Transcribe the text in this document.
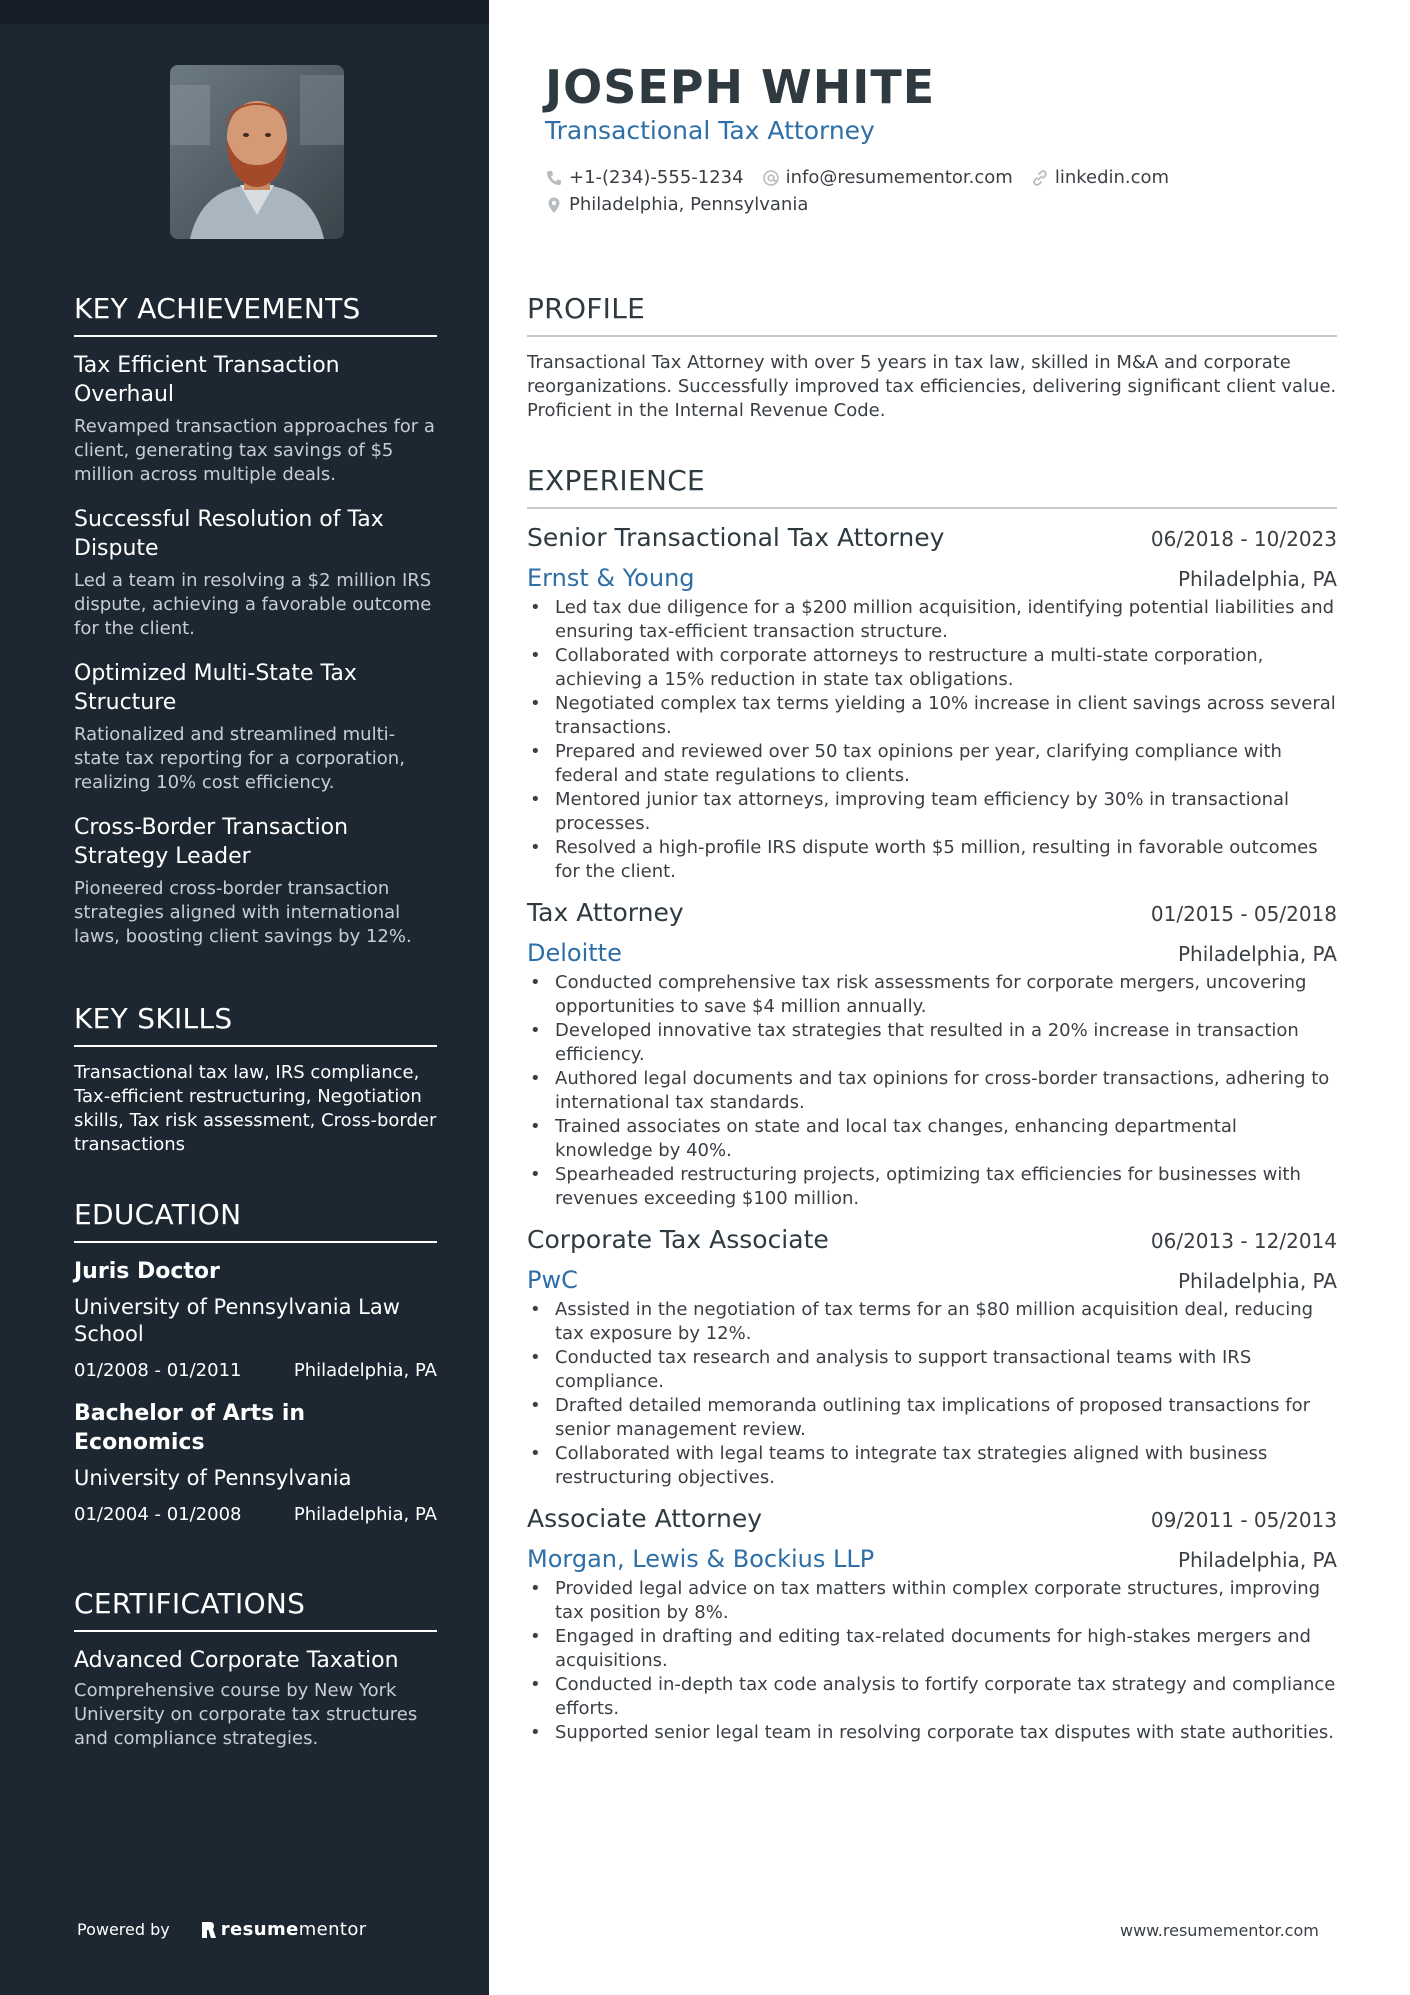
KEY ACHIEVEMENTS
Tax Efficient Transaction Overhaul
Revamped transaction approaches for a client, generating tax savings of $5 million across multiple deals.
Successful Resolution of Tax Dispute
Led a team in resolving a $2 million IRS dispute, achieving a favorable outcome for the client.
Optimized Multi-State Tax Structure
Rationalized and streamlined multi-state tax reporting for a corporation, realizing 10% cost efficiency.
Cross-Border Transaction Strategy Leader
Pioneered cross-border transaction strategies aligned with international laws, boosting client savings by 12%.
KEY SKILLS
Transactional tax law, IRS compliance, Tax-efficient restructuring, Negotiation skills, Tax risk assessment, Cross-border transactions
EDUCATION
Juris Doctor
University of Pennsylvania Law School
01/2008 - 01/2011	Philadelphia, PA
Bachelor of Arts in Economics
University of Pennsylvania
01/2004 - 01/2008	Philadelphia, PA
CERTIFICATIONS
Advanced Corporate Taxation
Comprehensive course by New York University on corporate tax structures and compliance strategies.
Powered by	resume mentor
JOSEPH WHITE
Transactional Tax Attorney
+1-(234)-555-1234 info@resumementor.com linkedin.com
Philadelphia, Pennsylvania
PROFILE
Transactional Tax Attorney with over 5 years in tax law, skilled in M&A and corporate reorganizations. Successfully improved tax efficiencies, delivering significant client value. Proficient in the Internal Revenue Code.
EXPERIENCE
Senior Transactional Tax Attorney	06/2018 - 10/2023
Ernst & Young	Philadelphia, PA
• Led tax due diligence for a $200 million acquisition, identifying potential liabilities and ensuring tax-efficient transaction structure.
• Collaborated with corporate attorneys to restructure a multi-state corporation, achieving a 15% reduction in state tax obligations.
• Negotiated complex tax terms yielding a 10% increase in client savings across several transactions.
• Prepared and reviewed over 50 tax opinions per year, clarifying compliance with federal and state regulations to clients.
• Mentored junior tax attorneys, improving team efficiency by 30% in transactional processes.
• Resolved a high-profile IRS dispute worth $5 million, resulting in favorable outcomes for the client.
Tax Attorney	01/2015 - 05/2018
Deloitte	Philadelphia, PA
• Conducted comprehensive tax risk assessments for corporate mergers, uncovering opportunities to save $4 million annually.
• Developed innovative tax strategies that resulted in a 20% increase in transaction efficiency.
• Authored legal documents and tax opinions for cross-border transactions, adhering to international tax standards.
• Trained associates on state and local tax changes, enhancing departmental knowledge by 40%.
• Spearheaded restructuring projects, optimizing tax efficiencies for businesses with revenues exceeding $100 million.
Corporate Tax Associate	06/2013 - 12/2014
PwC	Philadelphia, PA
• Assisted in the negotiation of tax terms for an $80 million acquisition deal, reducing tax exposure by 12%.
• Conducted tax research and analysis to support transactional teams with IRS compliance.
• Drafted detailed memoranda outlining tax implications of proposed transactions for senior management review.
• Collaborated with legal teams to integrate tax strategies aligned with business restructuring objectives.
Associate Attorney	09/2011 - 05/2013
Morgan, Lewis & Bockius LLP	Philadelphia, PA
• Provided legal advice on tax matters within complex corporate structures, improving tax position by 8%.
• Engaged in drafting and editing tax-related documents for high-stakes mergers and acquisitions.
• Conducted in-depth tax code analysis to fortify corporate tax strategy and compliance efforts.
• Supported senior legal team in resolving corporate tax disputes with state authorities.
www.resumementor.com
